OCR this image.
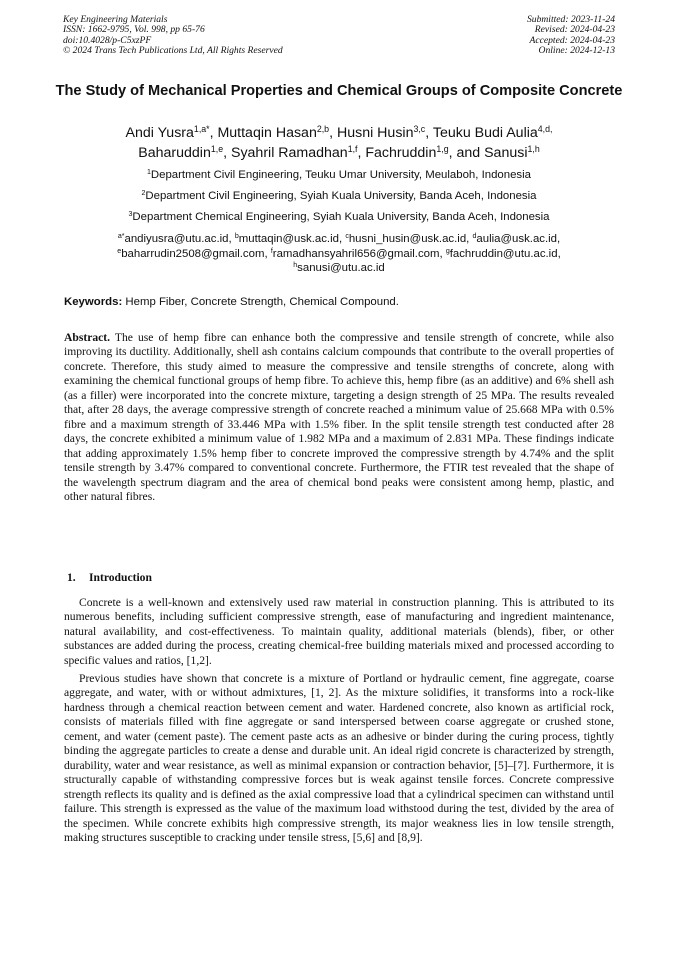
Key Engineering Materials
ISSN: 1662-9795, Vol. 998, pp 65-76
doi:10.4028/p-C5xzPF
© 2024 Trans Tech Publications Ltd, All Rights Reserved
Submitted: 2023-11-24
Revised: 2024-04-23
Accepted: 2024-04-23
Online: 2024-12-13
The Study of Mechanical Properties and Chemical Groups of Composite Concrete
Andi Yusra$^{1,a*}$, Muttaqin Hasan$^{2,b}$, Husni Husin$^{3,c}$, Teuku Budi Aulia$^{4,d,}$
Baharuddin$^{1,e}$, Syahril Ramadhan$^{1,f}$, Fachruddin$^{1,g}$, and Sanusi$^{1,h}$
$^1$Department Civil Engineering, Teuku Umar University, Meulaboh, Indonesia
$^2$Department Civil Engineering, Syiah Kuala University, Banda Aceh, Indonesia
$^3$Department Chemical Engineering, Syiah Kuala University, Banda Aceh, Indonesia
$^{a*}$andiyusra@utu.ac.id, $^b$muttaqin@usk.ac.id, $^c$husni_husin@usk.ac.id, $^d$aulia@usk.ac.id,
$^e$baharrudin2508@gmail.com, $^f$ramadhansyahril656@gmail.com, $^g$fachruddin@utu.ac.id,
$^h$sanusi@utu.ac.id
Keywords: Hemp Fiber, Concrete Strength, Chemical Compound.
Abstract. The use of hemp fibre can enhance both the compressive and tensile strength of concrete, while also improving its ductility. Additionally, shell ash contains calcium compounds that contribute to the overall properties of concrete. Therefore, this study aimed to measure the compressive and tensile strengths of concrete, along with examining the chemical functional groups of hemp fibre. To achieve this, hemp fibre (as an additive) and 6% shell ash (as a filler) were incorporated into the concrete mixture, targeting a design strength of 25 MPa. The results revealed that, after 28 days, the average compressive strength of concrete reached a minimum value of 25.668 MPa with 0.5% fibre and a maximum strength of 33.446 MPa with 1.5% fiber. In the split tensile strength test conducted after 28 days, the concrete exhibited a minimum value of 1.982 MPa and a maximum of 2.831 MPa. These findings indicate that adding approximately 1.5% hemp fiber to concrete improved the compressive strength by 4.74% and the split tensile strength by 3.47% compared to conventional concrete. Furthermore, the FTIR test revealed that the shape of the wavelength spectrum diagram and the area of chemical bond peaks were consistent among hemp, plastic, and other natural fibres.
1. Introduction

Concrete is a well-known and extensively used raw material in construction planning. This is attributed to its numerous benefits, including sufficient compressive strength, ease of manufacturing and ingredient maintenance, natural availability, and cost-effectiveness. To maintain quality, additional materials (blends), fiber, or other substances are added during the process, creating chemical-free building materials mixed and processed according to specific values and ratios, [1,2].

Previous studies have shown that concrete is a mixture of Portland or hydraulic cement, fine aggregate, coarse aggregate, and water, with or without admixtures, [1, 2]. As the mixture solidifies, it transforms into a rock-like hardness through a chemical reaction between cement and water. Hardened concrete, also known as artificial rock, consists of materials filled with fine aggregate or sand interspersed between coarse aggregate or crushed stone, cement, and water (cement paste). The cement paste acts as an adhesive or binder during the curing process, tightly binding the aggregate particles to create a dense and durable unit. An ideal rigid concrete is characterized by strength, durability, water and wear resistance, as well as minimal expansion or contraction behavior, [5]–[7]. Furthermore, it is structurally capable of withstanding compressive forces but is weak against tensile forces. Concrete compressive strength reflects its quality and is defined as the axial compressive load that a cylindrical specimen can withstand until failure. This strength is expressed as the value of the maximum load withstood during the test, divided by the area of the specimen. While concrete exhibits high compressive strength, its major weakness lies in low tensile strength, making structures susceptible to cracking under tensile stress, [5,6] and [8,9].
